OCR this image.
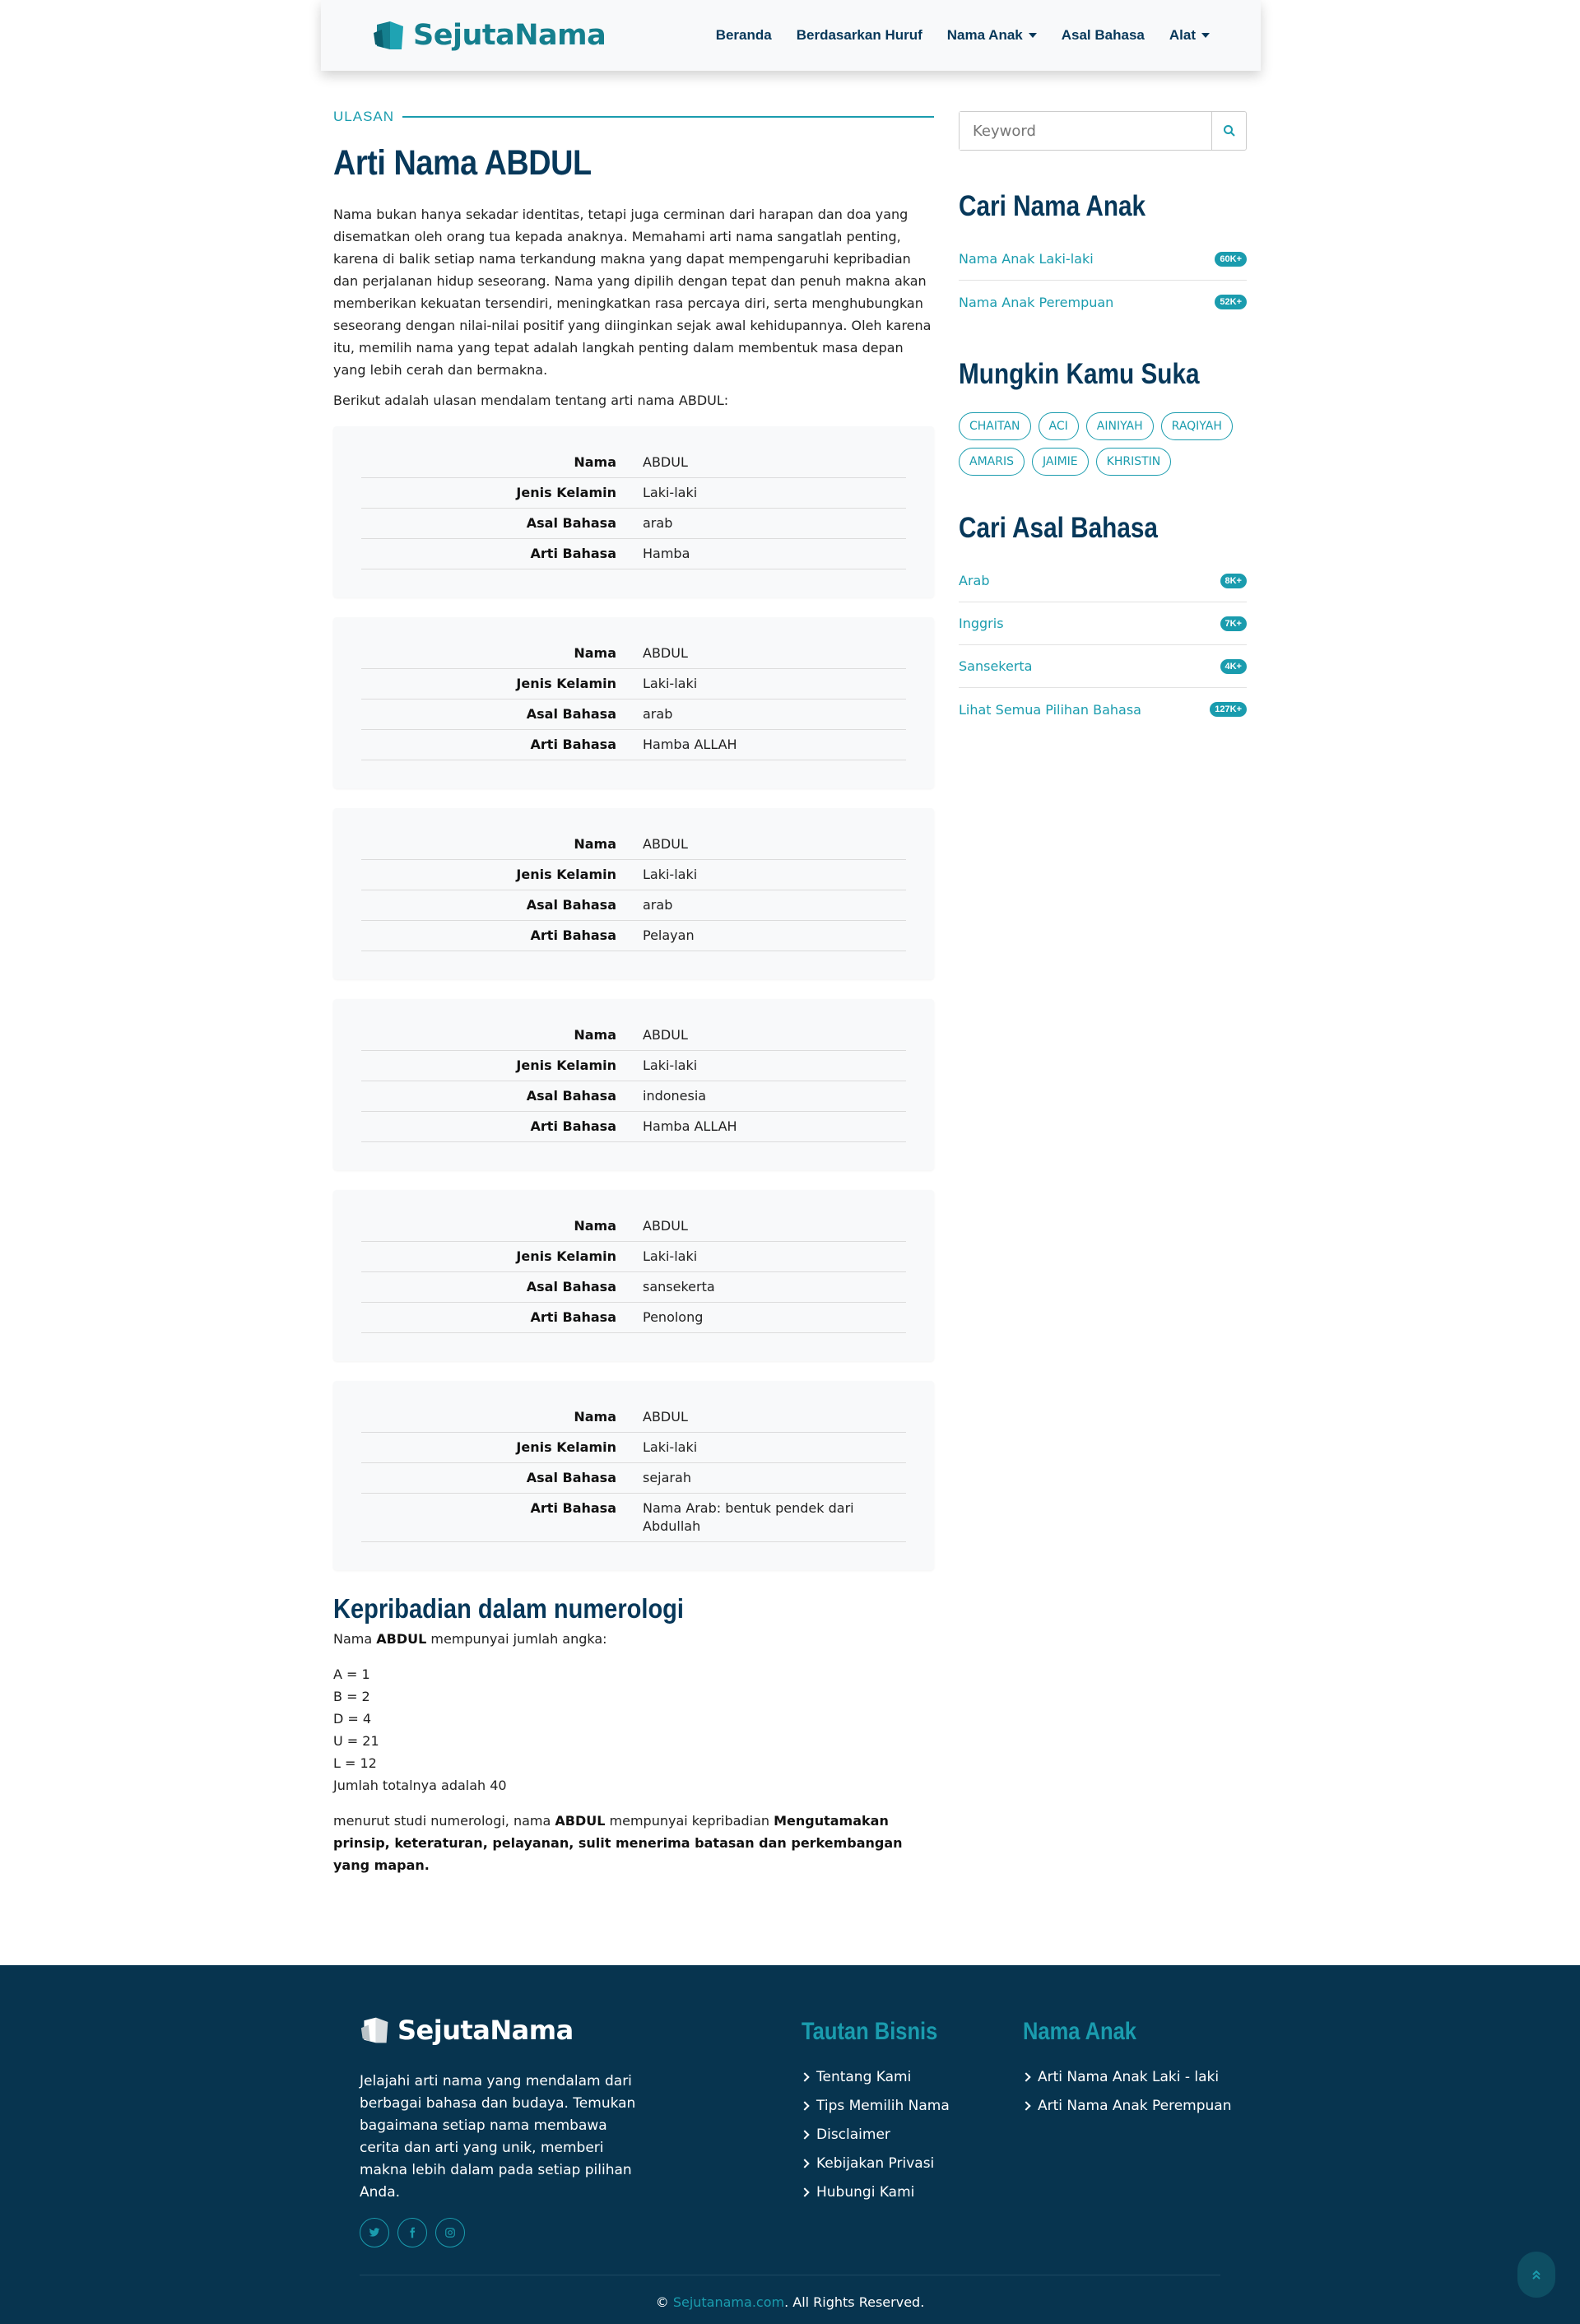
SejutaNama	Beranda Berdasarkan Huruf Nama Anak	Asal Bahasa Alat
ULASAN
Arti Nama ABDUL

Nama bukan hanya sekadar identitas, tetapi juga cerminan dari harapan dan doa yang disematkan oleh orang tua kepada anaknya. Memahami arti nama sangatlah penting, karena di balik setiap nama terkandung makna yang dapat mempengaruhi kepribadian dan perjalanan hidup seseorang. Nama yang dipilih dengan tepat dan penuh makna akan memberikan kekuatan tersendiri, meningkatkan rasa percaya diri, serta menghubungkan seseorang dengan nilai-nilai positif yang diinginkan sejak awal kehidupannya. Oleh karena itu, memilih nama yang tepat adalah langkah penting dalam membentuk masa depan yang lebih cerah dan bermakna.

Berikut adalah ulasan mendalam tentang arti nama ABDUL:

Nama	ABDUL
Jenis Kelamin	Laki-laki
Asal Bahasa	arab
Arti Bahasa	Hamba
Nama	ABDUL
Jenis Kelamin	Laki-laki
Asal Bahasa	arab
Arti Bahasa	Hamba ALLAH
Nama	ABDUL
Jenis Kelamin	Laki-laki
Asal Bahasa	arab
Arti Bahasa	Pelayan
Nama	ABDUL
Jenis Kelamin	Laki-laki
Asal Bahasa	indonesia
Arti Bahasa	Hamba ALLAH
Nama	ABDUL
Jenis Kelamin	Laki-laki
Asal Bahasa	sansekerta
Arti Bahasa	Penolong
Nama	ABDUL
Jenis Kelamin	Laki-laki
Asal Bahasa	sejarah
Arti Bahasa	Nama Arab: bentuk pendek dari Abdullah
Kepribadian dalam numerologi

Nama ABDUL mempunyai jumlah angka:

A = 1
B = 2
D = 4
U = 21
L = 12
Jumlah totalnya adalah 40

menurut studi numerologi, nama ABDUL mempunyai kepribadian Mengutamakan prinsip, keteraturan, pelayanan, sulit menerima batasan dan perkembangan yang mapan.

Keyword
Cari Nama Anak
Nama Anak Laki-laki	60K+
Nama Anak Perempuan	52K+
Mungkin Kamu Suka
CHAITAN	ACI	AINIYAH	RAQIYAH
AMARIS	JAIMIE	KHRISTIN
Cari Asal Bahasa
Arab	8K+
Inggris	7K+
Sansekerta	4K+
Lihat Semua Pilihan Bahasa	127K+
SejutaNama

Jelajahi arti nama yang mendalam dari berbagai bahasa dan budaya. Temukan bagaimana setiap nama membawa cerita dan arti yang unik, memberi makna lebih dalam pada setiap pilihan Anda.

Tautan Bisnis
Tentang Kami
Tips Memilih Nama
Disclaimer
Kebijakan Privasi
Hubungi Kami
Nama Anak
Arti Nama Anak Laki - laki
Arti Nama Anak Perempuan
© Sejutanama.com. All Rights Reserved.
